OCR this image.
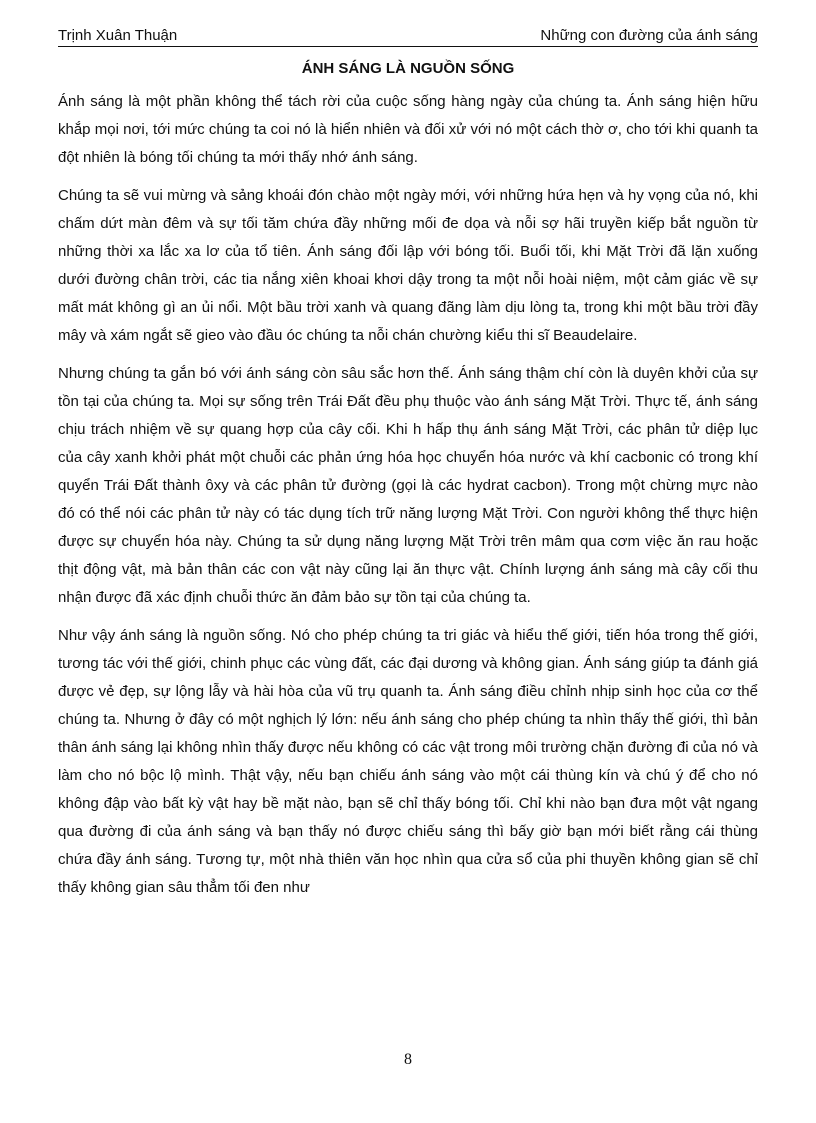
Trịnh Xuân Thuận	Những con đường của ánh sáng
ÁNH SÁNG LÀ NGUỒN SỐNG

Ánh sáng là một phần không thể tách rời của cuộc sống hàng ngày của chúng ta. Ánh sáng hiện hữu khắp mọi nơi, tới mức chúng ta coi nó là hiển nhiên và đối xử với nó một cách thờ ơ, cho tới khi quanh ta đột nhiên là bóng tối chúng ta mới thấy nhớ ánh sáng.

Chúng ta sẽ vui mừng và sảng khoái đón chào một ngày mới, với những hứa hẹn và hy vọng của nó, khi chấm dứt màn đêm và sự tối tăm chứa đầy những mối đe dọa và nỗi sợ hãi truyền kiếp bắt nguồn từ những thời xa lắc xa lơ của tổ tiên. Ánh sáng đối lập với bóng tối. Buổi tối, khi Mặt Trời đã lặn xuống dưới đường chân trời, các tia nắng xiên khoai khơi dậy trong ta một nỗi hoài niệm, một cảm giác về sự mất mát không gì an ủi nổi. Một bầu trời xanh và quang đãng làm dịu lòng ta, trong khi một bầu trời đầy mây và xám ngắt sẽ gieo vào đầu óc chúng ta nỗi chán chường kiểu thi sĩ Beaudelaire.

Nhưng chúng ta gắn bó với ánh sáng còn sâu sắc hơn thế. Ánh sáng thậm chí còn là duyên khởi của sự tồn tại của chúng ta. Mọi sự sống trên Trái Đất đều phụ thuộc vào ánh sáng Mặt Trời. Thực tế, ánh sáng chịu trách nhiệm về sự quang hợp của cây cối. Khi h hấp thụ ánh sáng Mặt Trời, các phân tử diệp lục của cây xanh khởi phát một chuỗi các phản ứng hóa học chuyển hóa nước và khí cacbonic có trong khí quyển Trái Đất thành ôxy và các phân tử đường (gọi là các hydrat cacbon). Trong một chừng mực nào đó có thể nói các phân tử này có tác dụng tích trữ năng lượng Mặt Trời. Con người không thể thực hiện được sự chuyển hóa này. Chúng ta sử dụng năng lượng Mặt Trời trên mâm qua cơm việc ăn rau hoặc thịt động vật, mà bản thân các con vật này cũng lại ăn thực vật. Chính lượng ánh sáng mà cây cối thu nhận được đã xác định chuỗi thức ăn đảm bảo sự tồn tại của chúng ta.

Như vậy ánh sáng là nguồn sống. Nó cho phép chúng ta tri giác và hiểu thế giới, tiến hóa trong thế giới, tương tác với thế giới, chinh phục các vùng đất, các đại dương và không gian. Ánh sáng giúp ta đánh giá được vẻ đẹp, sự lộng lẫy và hài hòa của vũ trụ quanh ta. Ánh sáng điều chỉnh nhịp sinh học của cơ thể chúng ta. Nhưng ở đây có một nghịch lý lớn: nếu ánh sáng cho phép chúng ta nhìn thấy thế giới, thì bản thân ánh sáng lại không nhìn thấy được nếu không có các vật trong môi trường chặn đường đi của nó và làm cho nó bộc lộ mình. Thật vậy, nếu bạn chiếu ánh sáng vào một cái thùng kín và chú ý để cho nó không đập vào bất kỳ vật hay bề mặt nào, bạn sẽ chỉ thấy bóng tối. Chỉ khi nào bạn đưa một vật ngang qua đường đi của ánh sáng và bạn thấy nó được chiếu sáng thì bấy giờ bạn mới biết rằng cái thùng chứa đầy ánh sáng. Tương tự, một nhà thiên văn học nhìn qua cửa sổ của phi thuyền không gian sẽ chỉ thấy không gian sâu thẳm tối đen như

8
